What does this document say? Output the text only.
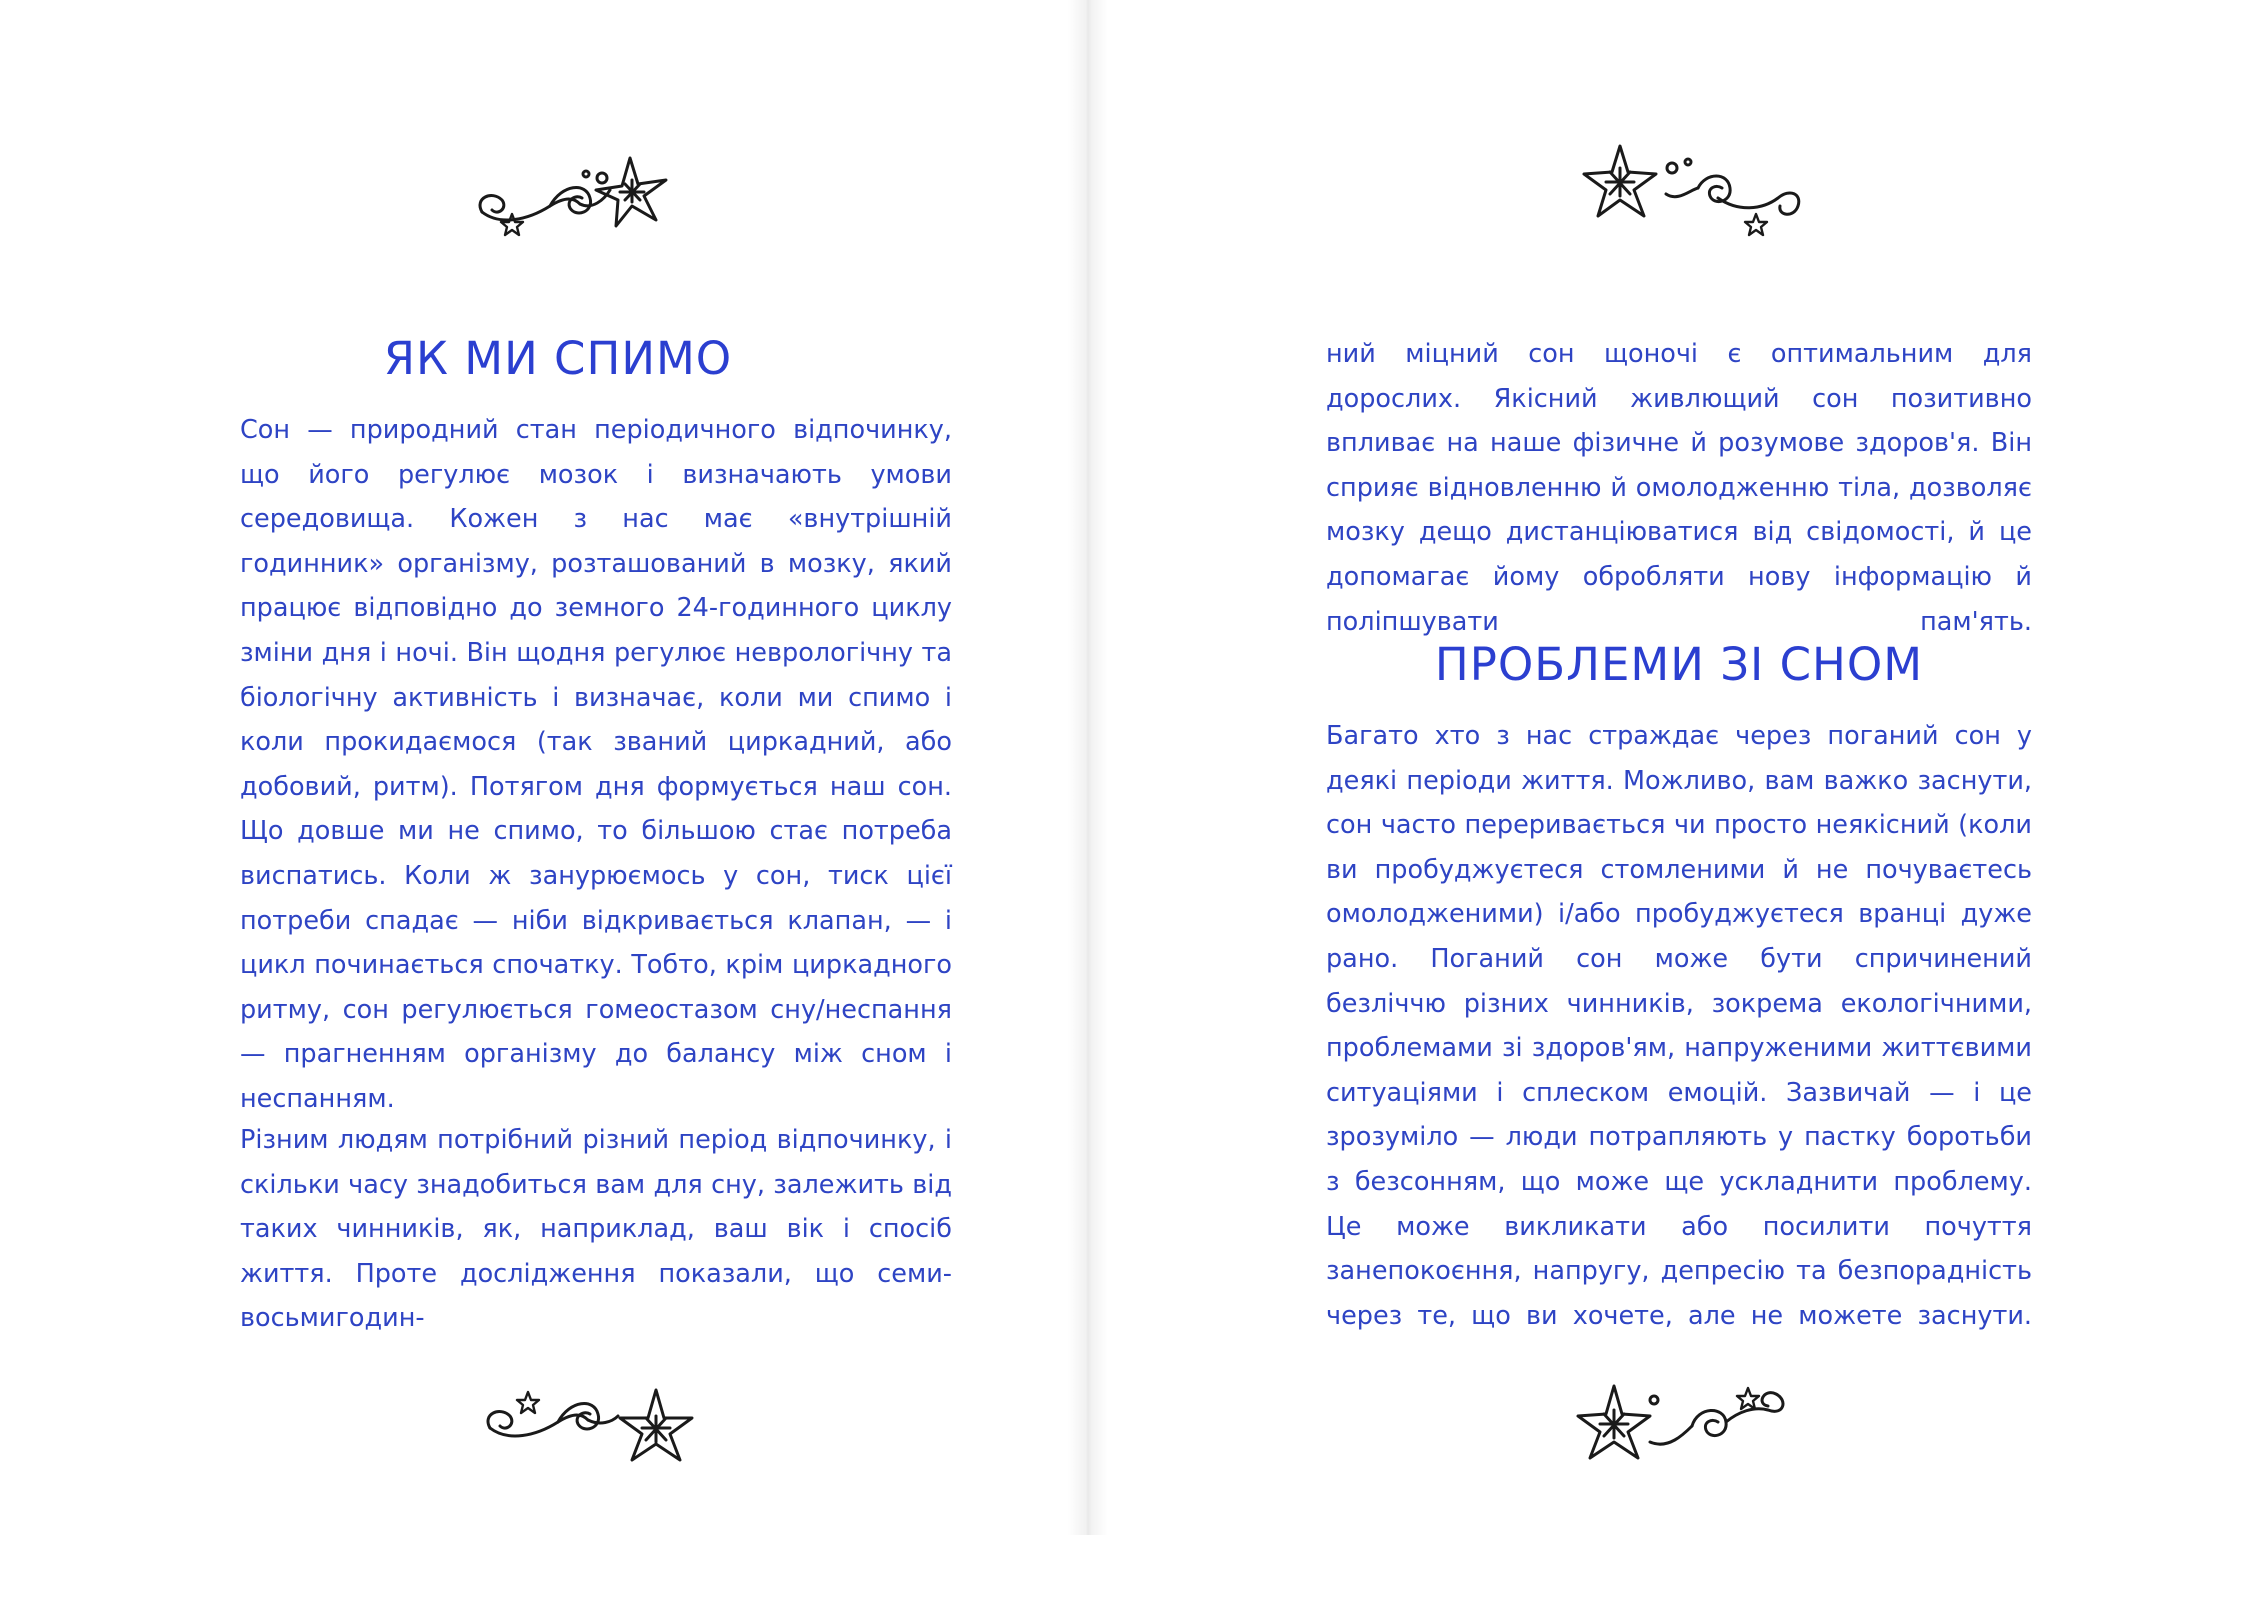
ЯК МИ СПИМО

Сон — природний стан періодичного відпочинку, що його регулює мозок і визначають умови середовища. Кожен з нас має «внутрішній годинник» організму, розташований в мозку, який працює відповідно до земного 24-годинного циклу зміни дня і ночі. Він щодня регулює неврологічну та біологічну активність і визначає, коли ми спимо і коли прокидаємося (так званий циркадний, або добовий, ритм). Потягом дня формується наш сон. Що довше ми не спимо, то більшою стає потреба виспатись. Коли ж занурюємось у сон, тиск цієї потреби спадає — ніби відкривається клапан, — і цикл починається спочатку. Тобто, крім циркадного ритму, сон регулюється гомеостазом сну/неспання — прагненням організму до балансу між сном і неспанням.

Різним людям потрібний різний період відпочинку, і скільки часу знадобиться вам для сну, залежить від таких чинників, як, наприклад, ваш вік і спосіб життя. Проте дослідження показали, що семи-восьмигодин-

ний міцний сон щоночі є оптимальним для дорослих. Якісний живлющий сон позитивно впливає на наше фізичне й розумове здоров'я. Він сприяє відновленню й омолодженню тіла, дозволяє мозку дещо дистанціюватися від свідомості, й це допомагає йому обробляти нову інформацію й поліпшувати пам'ять.

ПРОБЛЕМИ ЗІ СНОМ

Багато хто з нас страждає через поганий сон у деякі періоди життя. Можливо, вам важко заснути, сон часто переривається чи просто неякісний (коли ви пробуджуєтеся стомленими й не почуваєтесь омолодженими) і/або пробуджуєтеся вранці дуже рано. Поганий сон може бути спричинений безліччю різних чинників, зокрема екологічними, проблемами зі здоров'ям, напруженими життєвими ситуаціями і сплеском емоцій. Зазвичай — і це зрозуміло — люди потрапляють у пастку боротьби з безсонням, що може ще ускладнити проблему. Це може викликати або посилити почуття занепокоєння, напругу, депресію та безпорадність через те, що ви хочете, але не можете заснути.
